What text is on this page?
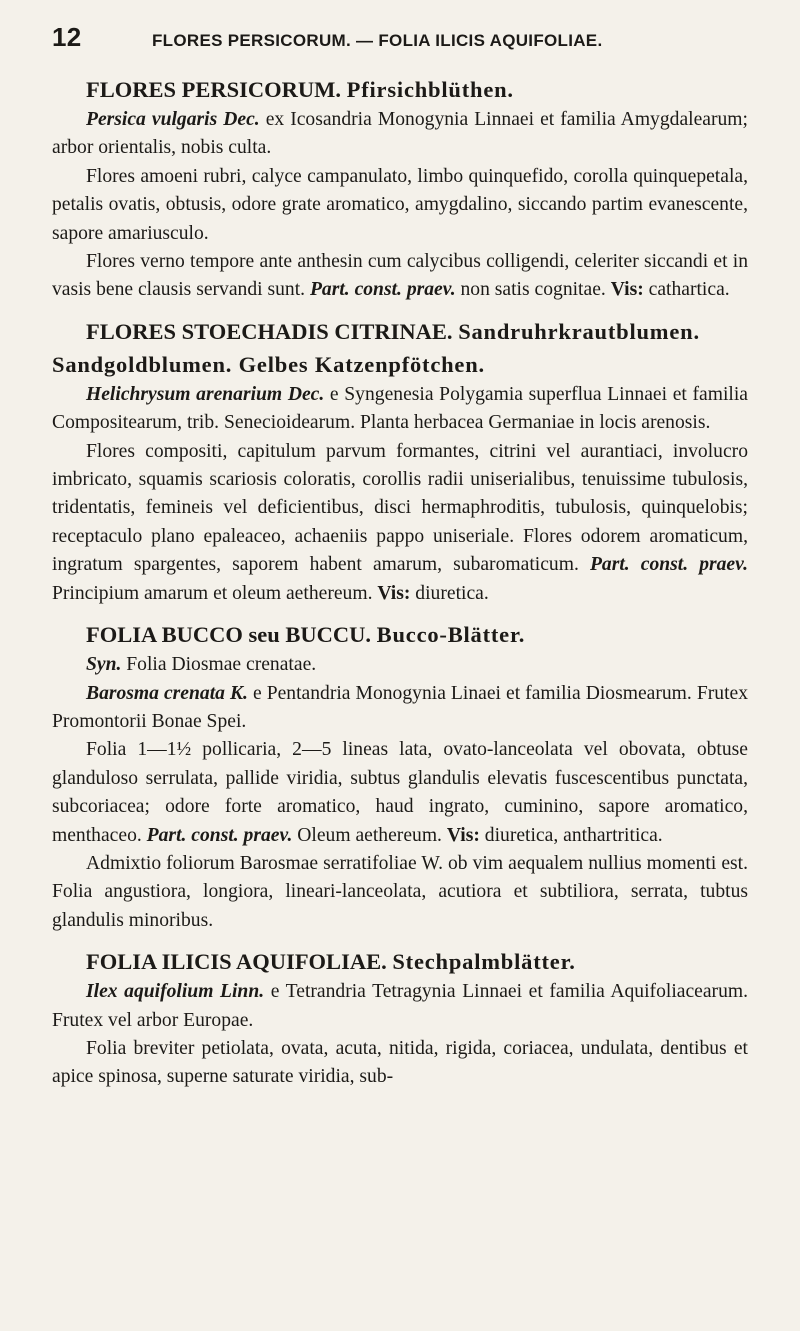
12	FLORES PERSICORUM. — FOLIA ILICIS AQUIFOLIAE.

FLORES PERSICORUM. Pfirsichblüthen.

Persica vulgaris Dec. ex Icosandria Monogynia Linnaei et familia Amygdalearum; arbor orientalis, nobis culta.

Flores amoeni rubri, calyce campanulato, limbo quinquefido, corolla quinquepetala, petalis ovatis, obtusis, odore grate aromatico, amygdalino, siccando partim evanescente, sapore amariusculo.

Flores verno tempore ante anthesin cum calycibus colligendi, celeriter siccandi et in vasis bene clausis servandi sunt. Part. const. praev. non satis cognitae. Vis: cathartica.

FLORES STOECHADIS CITRINAE. Sandruhrkrautblumen. Sandgoldblumen. Gelbes Katzenpfötchen.

Helichrysum arenarium Dec. e Syngenesia Polygamia superflua Linnaei et familia Compositearum, trib. Senecioidearum. Planta herbacea Germaniae in locis arenosis.

Flores compositi, capitulum parvum formantes, citrini vel aurantiaci, involucro imbricato, squamis scariosis coloratis, corollis radii uniserialibus, tenuissime tubulosis, tridentatis, femineis vel deficientibus, disci hermaphroditis, tubulosis, quinquelobis; receptaculo plano epaleaceo, achaeniis pappo uniseriale. Flores odorem aromaticum, ingratum spargentes, saporem habent amarum, subaromaticum. Part. const. praev. Principium amarum et oleum aethereum. Vis: diuretica.

FOLIA BUCCO seu BUCCU. Bucco-Blätter.

Syn. Folia Diosmae crenatae.

Barosma crenata K. e Pentandria Monogynia Linaei et familia Diosmearum. Frutex Promontorii Bonae Spei.

Folia 1—1½ pollicaria, 2—5 lineas lata, ovato-lanceolata vel obovata, obtuse glanduloso serrulata, pallide viridia, subtus glandulis elevatis fuscescentibus punctata, subcoriacea; odore forte aromatico, haud ingrato, cuminino, sapore aromatico, menthaceo. Part. const. praev. Oleum aethereum. Vis: diuretica, anthartritica.

Admixtio foliorum Barosmae serratifoliae W. ob vim aequalem nullius momenti est. Folia angustiora, longiora, lineari-lanceolata, acutiora et subtiliora, serrata, tubtus glandulis minoribus.

FOLIA ILICIS AQUIFOLIAE. Stechpalmblätter.

Ilex aquifolium Linn. e Tetrandria Tetragynia Linnaei et familia Aquifoliacearum. Frutex vel arbor Europae.

Folia breviter petiolata, ovata, acuta, nitida, rigida, coriacea, undulata, dentibus et apice spinosa, superne saturate viridia, sub-
